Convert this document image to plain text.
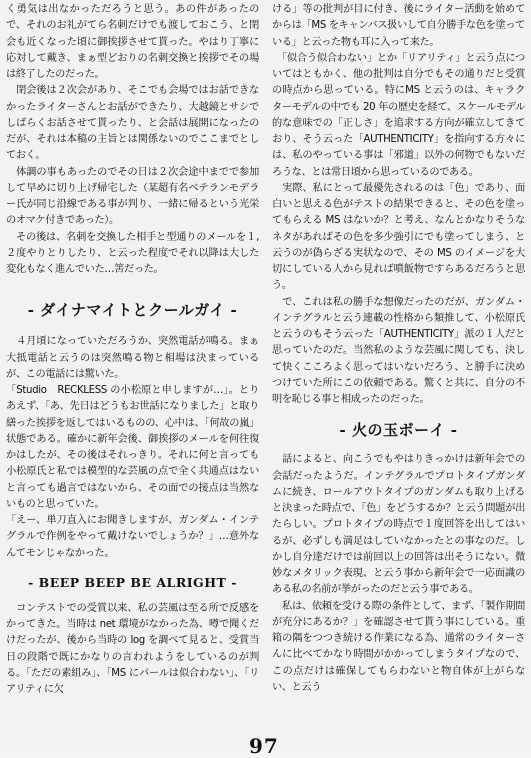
く勇気は出なかっただろうと思う。あの件があったので、それのお礼がてら名刺だけでも渡しておこう、と閉会も近くなった頃に御挨拶させて貰った。やはり丁寧に応対して戴き、まぁ型どおりの名刺交換と挨拶でその場は終了したのだった。

　閉会後は２次会があり、そこでも会場ではお話できなかったライターさんとお話ができたり、大越鏡とサシでしばらくお話させて貰ったり、と会話は展開になったのだが、それは本稿の主旨とは関係ないのでここまでとしておく。

　体調の事もあったのでその日は２次会途中までで参加して早めに切り上げ帰宅した（某超有名ベテランモデラー氏が同じ沿線である事が判り、一緒に帰るという光栄のオマケ付きであった）。

　その後は、名刺を交換した相手と型通りのメールを１,２度やりとりしたり、と云った程度でそれ以降は大した変化もなく進んでいた…筈だった。

- ダイナマイトとクールガイ -

　４月頃になっていただろうか、突然電話が鳴る。まぁ大抵電話と云うのは突然鳴る物と相場は決まっているが、この電話には驚いた。

「Studio　RECKLESS の小松原と申しますが…」。とりあえず、「あ、先日はどうもお世話になりました」と取り繕った挨拶を返してはいるものの、心中は、「何故の嵐」状態である。確かに新年会後、御挨拶のメールを何往復かはしたが、その後はそれっきり。それに何と言っても小松原氏と私では模型的な芸風の点で全く共通点はないと言っても過言ではないから、その面での接点は当然ないものと思っていた。

「えー、単刀直入にお聞きしますが、ガンダム・インテグラルで作例をやって戴けないでしょうか？」…意外なんてモンじゃなかった。

- BEEP BEEP BE ALRIGHT -

　コンテストでの受賞以来、私の芸風は至る所で反感をかってきた。当時は net 環境がなかった為、噂で聞くだけだったが、後から当時の log を調べて見ると、受賞当日の段階で既にかなりの言われようをしているのが判る。「ただの素組み」、「MS にパールは似合わない」、「リアリティに欠

ける」等の批判が目に付き、後にライター活動を始めてからは「MS をキャンバス扱いして自分勝手な色を塗っている」と云った物も耳に入って来た。

　「似合う似合わない」とか「リアリティ」と云う点についてはともかく、他の批判は自分でもその通りだと受賞の時点から思っている。特にMS と云うのは、キャラクターモデルの中でも 20 年の歴史を経て、スケールモデル的な意味での「正しさ」を追求する方向が確立してきており、そう云った「AUTHENTICITY」を指向する方々には、私のやっている事は「邪道」以外の何物でもないだろうな、とは常日頃から思っているのである。

　実際、私にとって最優先されるのは「色」であり、面白いと思える色がテストの結果できると、その色を塗ってもらえる MS はないか？と考え、なんとかなりそうなネタがあればその色を多少強引にでも塗ってしまう、と云うのが偽らざる実状なので、その MS のイメージを大切にしている人から見れば噴飯物ですらあるだろうと思う。

　で、これは私の勝手な想像だったのだが、ガンダム・インテグラルと云う連載の性格から類推して、小松原氏と云うのもそう云った「AUTHENTICITY」派の１人だと思っていたのだ。当然私のような芸風に関しても、決して快くこころよく思ってはいないだろう、と勝手に決めつけていた所にこの依頼である。驚くと共に、自分の不明を恥じる事と相成ったのだった。

- 火の玉ボーイ -

　話によると、向こうでもやはりきっかけは新年会での会話だったようだ。インテグラルでプロトタイプガンダムに続き、ロールアウトタイプのガンダムも取り上げると決まった時点で、「色」をどうするか？と云う問題が出たらしい。プロトタイプの時点で１度回答を出してはいるが、必ずしも満足はしていなかったとの事なのだ。しかし自分達だけでは前回以上の回答は出そうにない。微妙なメタリック表現、と云う事から新年会で一応面識のある私の名前が挙がったのだと云う事である。

　私は、依頼を受ける際の条件として、まず、「製作期間が充分にあるか？」を確認させて貰う事にしている。重箱の隅をつつき続ける作業になる為、通常のライターさんに比べてかなり時間がかかってしまうタイプなので、この点だけは確保してもらわないと物自体が上がらない、と云う

97
